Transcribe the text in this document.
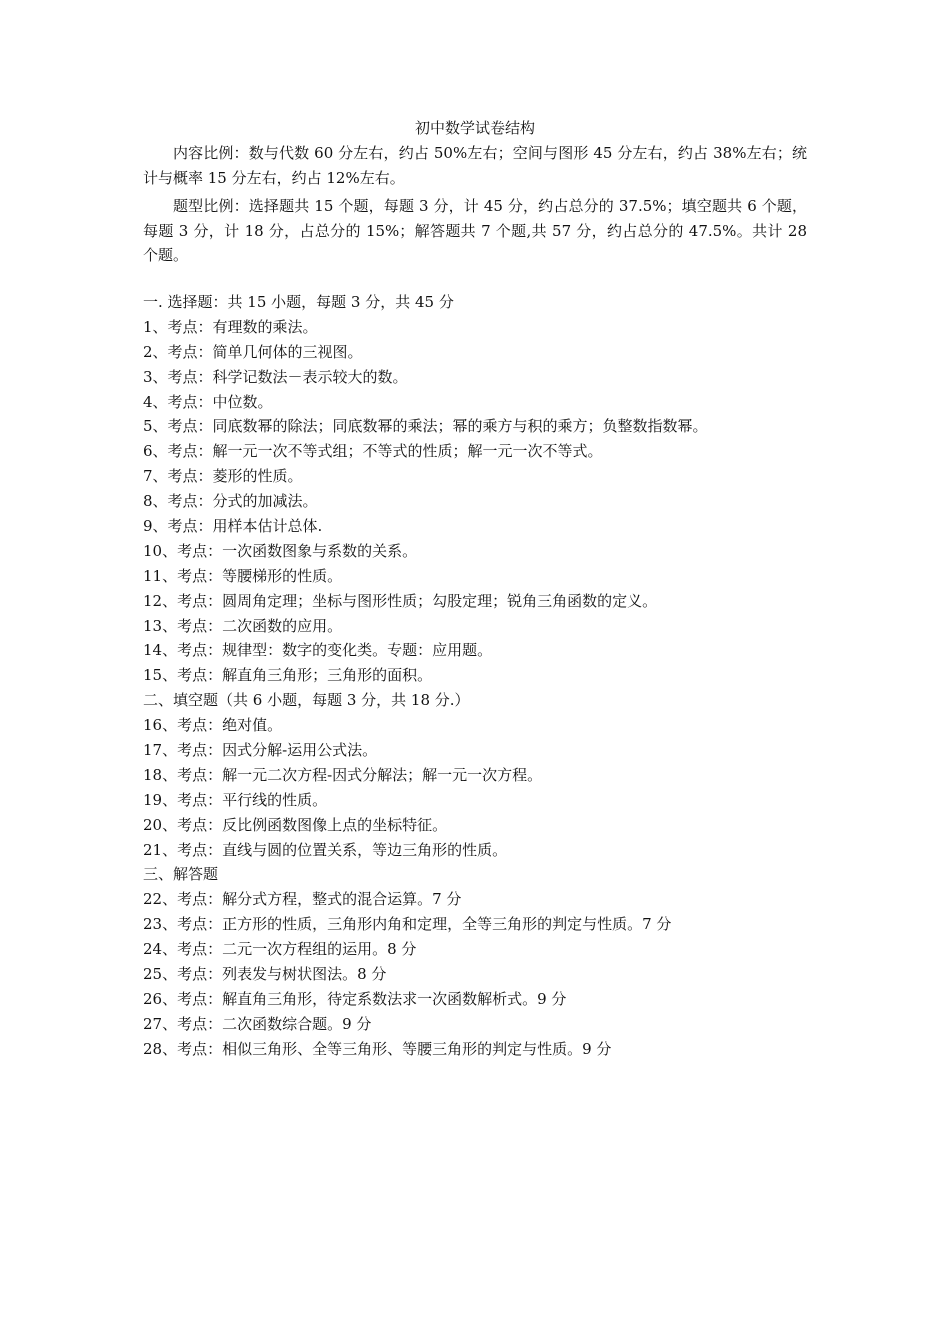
初中数学试卷结构

内容比例：数与代数 60 分左右，约占 50%左右；空间与图形 45 分左右，约占 38%左右；统计与概率 15 分左右，约占 12%左右。

题型比例：选择题共 15 个题，每题 3 分，计 45 分，约占总分的 37.5%；填空题共 6 个题，每题 3 分，计 18 分，占总分的 15%；解答题共 7 个题,共 57 分，约占总分的 47.5%。共计 28 个题。

一. 选择题：共 15 小题，每题 3 分，共 45 分
1、考点：有理数的乘法。
2、考点：简单几何体的三视图。
3、考点：科学记数法－表示较大的数。
4、考点：中位数。
5、考点：同底数幂的除法；同底数幂的乘法；幂的乘方与积的乘方；负整数指数幂。
6、考点：解一元一次不等式组；不等式的性质；解一元一次不等式。
7、考点：菱形的性质。
8、考点：分式的加减法。
9、考点：用样本估计总体.
10、考点：一次函数图象与系数的关系。
11、考点：等腰梯形的性质。
12、考点：圆周角定理；坐标与图形性质；勾股定理；锐角三角函数的定义。
13、考点：二次函数的应用。
14、考点：规律型：数字的变化类。专题：应用题。
15、考点：解直角三角形；三角形的面积。
二、填空题（共 6 小题，每题 3 分，共 18 分.）
16、考点：绝对值。
17、考点：因式分解-运用公式法。
18、考点：解一元二次方程-因式分解法；解一元一次方程。
19、考点：平行线的性质。
20、考点：反比例函数图像上点的坐标特征。
21、考点：直线与圆的位置关系，等边三角形的性质。
三、解答题
22、考点：解分式方程，整式的混合运算。7 分
23、考点：正方形的性质，三角形内角和定理，全等三角形的判定与性质。7 分
24、考点：二元一次方程组的运用。8 分
25、考点：列表发与树状图法。8 分
26、考点：解直角三角形，待定系数法求一次函数解析式。9 分
27、考点：二次函数综合题。9 分
28、考点：相似三角形、全等三角形、等腰三角形的判定与性质。9 分
